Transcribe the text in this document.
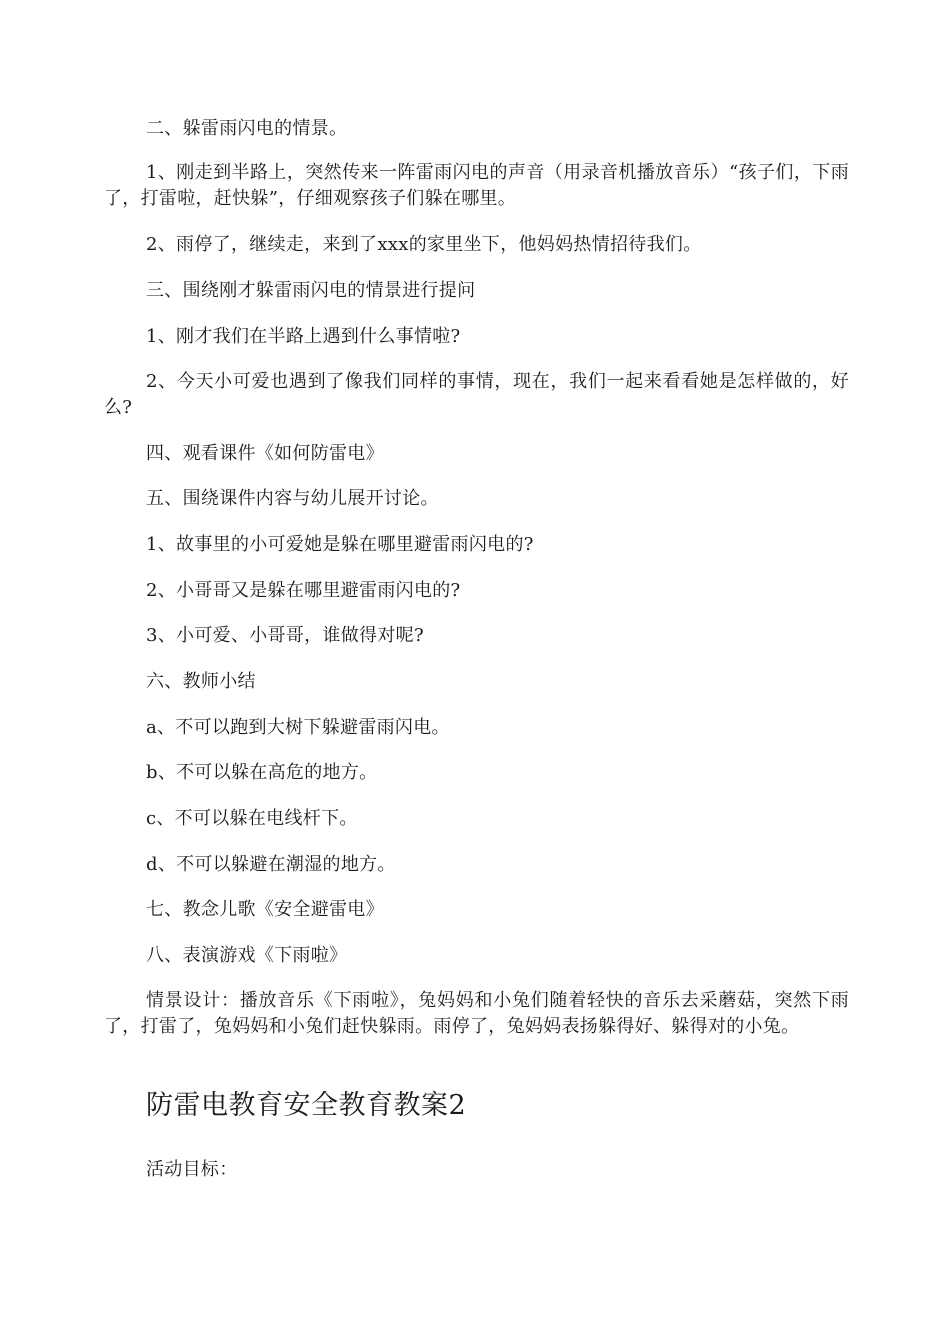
二、躲雷雨闪电的情景。

1、刚走到半路上，突然传来一阵雷雨闪电的声音（用录音机播放音乐）“孩子们，下雨了，打雷啦，赶快躲”，仔细观察孩子们躲在哪里。

2、雨停了，继续走，来到了xxx的家里坐下，他妈妈热情招待我们。

三、围绕刚才躲雷雨闪电的情景进行提问

1、刚才我们在半路上遇到什么事情啦?

2、今天小可爱也遇到了像我们同样的事情，现在，我们一起来看看她是怎样做的，好么?

四、观看课件《如何防雷电》

五、围绕课件内容与幼儿展开讨论。

1、故事里的小可爱她是躲在哪里避雷雨闪电的?

2、小哥哥又是躲在哪里避雷雨闪电的?

3、小可爱、小哥哥，谁做得对呢?

六、教师小结

a、不可以跑到大树下躲避雷雨闪电。

b、不可以躲在高危的地方。

c、不可以躲在电线杆下。

d、不可以躲避在潮湿的地方。

七、教念儿歌《安全避雷电》

八、表演游戏《下雨啦》

情景设计：播放音乐《下雨啦》，兔妈妈和小兔们随着轻快的音乐去采蘑菇，突然下雨了，打雷了，兔妈妈和小兔们赶快躲雨。雨停了，兔妈妈表扬躲得好、躲得对的小兔。

防雷电教育安全教育教案2

活动目标：
